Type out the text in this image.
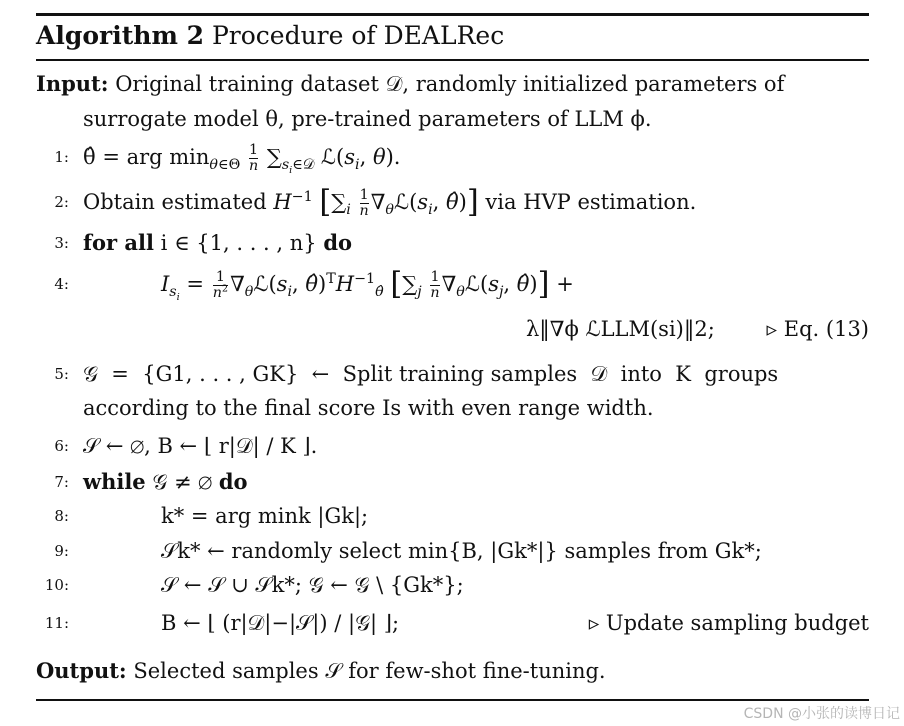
Algorithm 2 Procedure of DEALRec
Input: Original training dataset 𝒟, randomly initialized parameters of
surrogate model θ, pre-trained parameters of LLM ϕ.
1: θ̂ = arg $\min_{\theta\in\Theta} \frac{1}{n} \sum_{s_i\in 𝒟}$ $ℒ(s_i$, θ).
2: Obtain estimated $H^{-1}$ [$\sum_i \frac{1}{n}$ $\nabla_\theta ℒ(s_i$, θ̂)] via HVP estimation.
3: for all i ∈ {1, . . . , n} do
4:	$I_{s_i} = \frac{1}{n^2}$ $\nabla_\theta ℒ(s_i$, $\thetâ)^TH^{-1}_{\thetâ}$ [$\sum_j \frac{1}{n}$ $\nabla_\theta ℒ(s_j$, θ̂)] +
λ‖∇ϕ ℒLLM(si)‖2; ▹ Eq. (13)
5: 𝒢  =  {G1, . . . , GK}  ←  Split training samples  𝒟  into  K  groups
according to the final score Is with even range width.
6: 𝒮 ← ∅, B ← ⌊ r|𝒟| / K ⌋.
7: while 𝒢 ≠ ∅ do
8:	k* = arg mink |Gk|;
9:	𝒮k* ← randomly select min{B, |Gk*|} samples from Gk*;
10:	𝒮 ← 𝒮 ∪ 𝒮k*; 𝒢 ← 𝒢 \ {Gk*};
11:	B ← ⌊ (r|𝒟|−|𝒮|) / |𝒢| ⌋;	▹ Update sampling budget
Output: Selected samples 𝒮 for few-shot fine-tuning.
CSDN @小张的读博日记
